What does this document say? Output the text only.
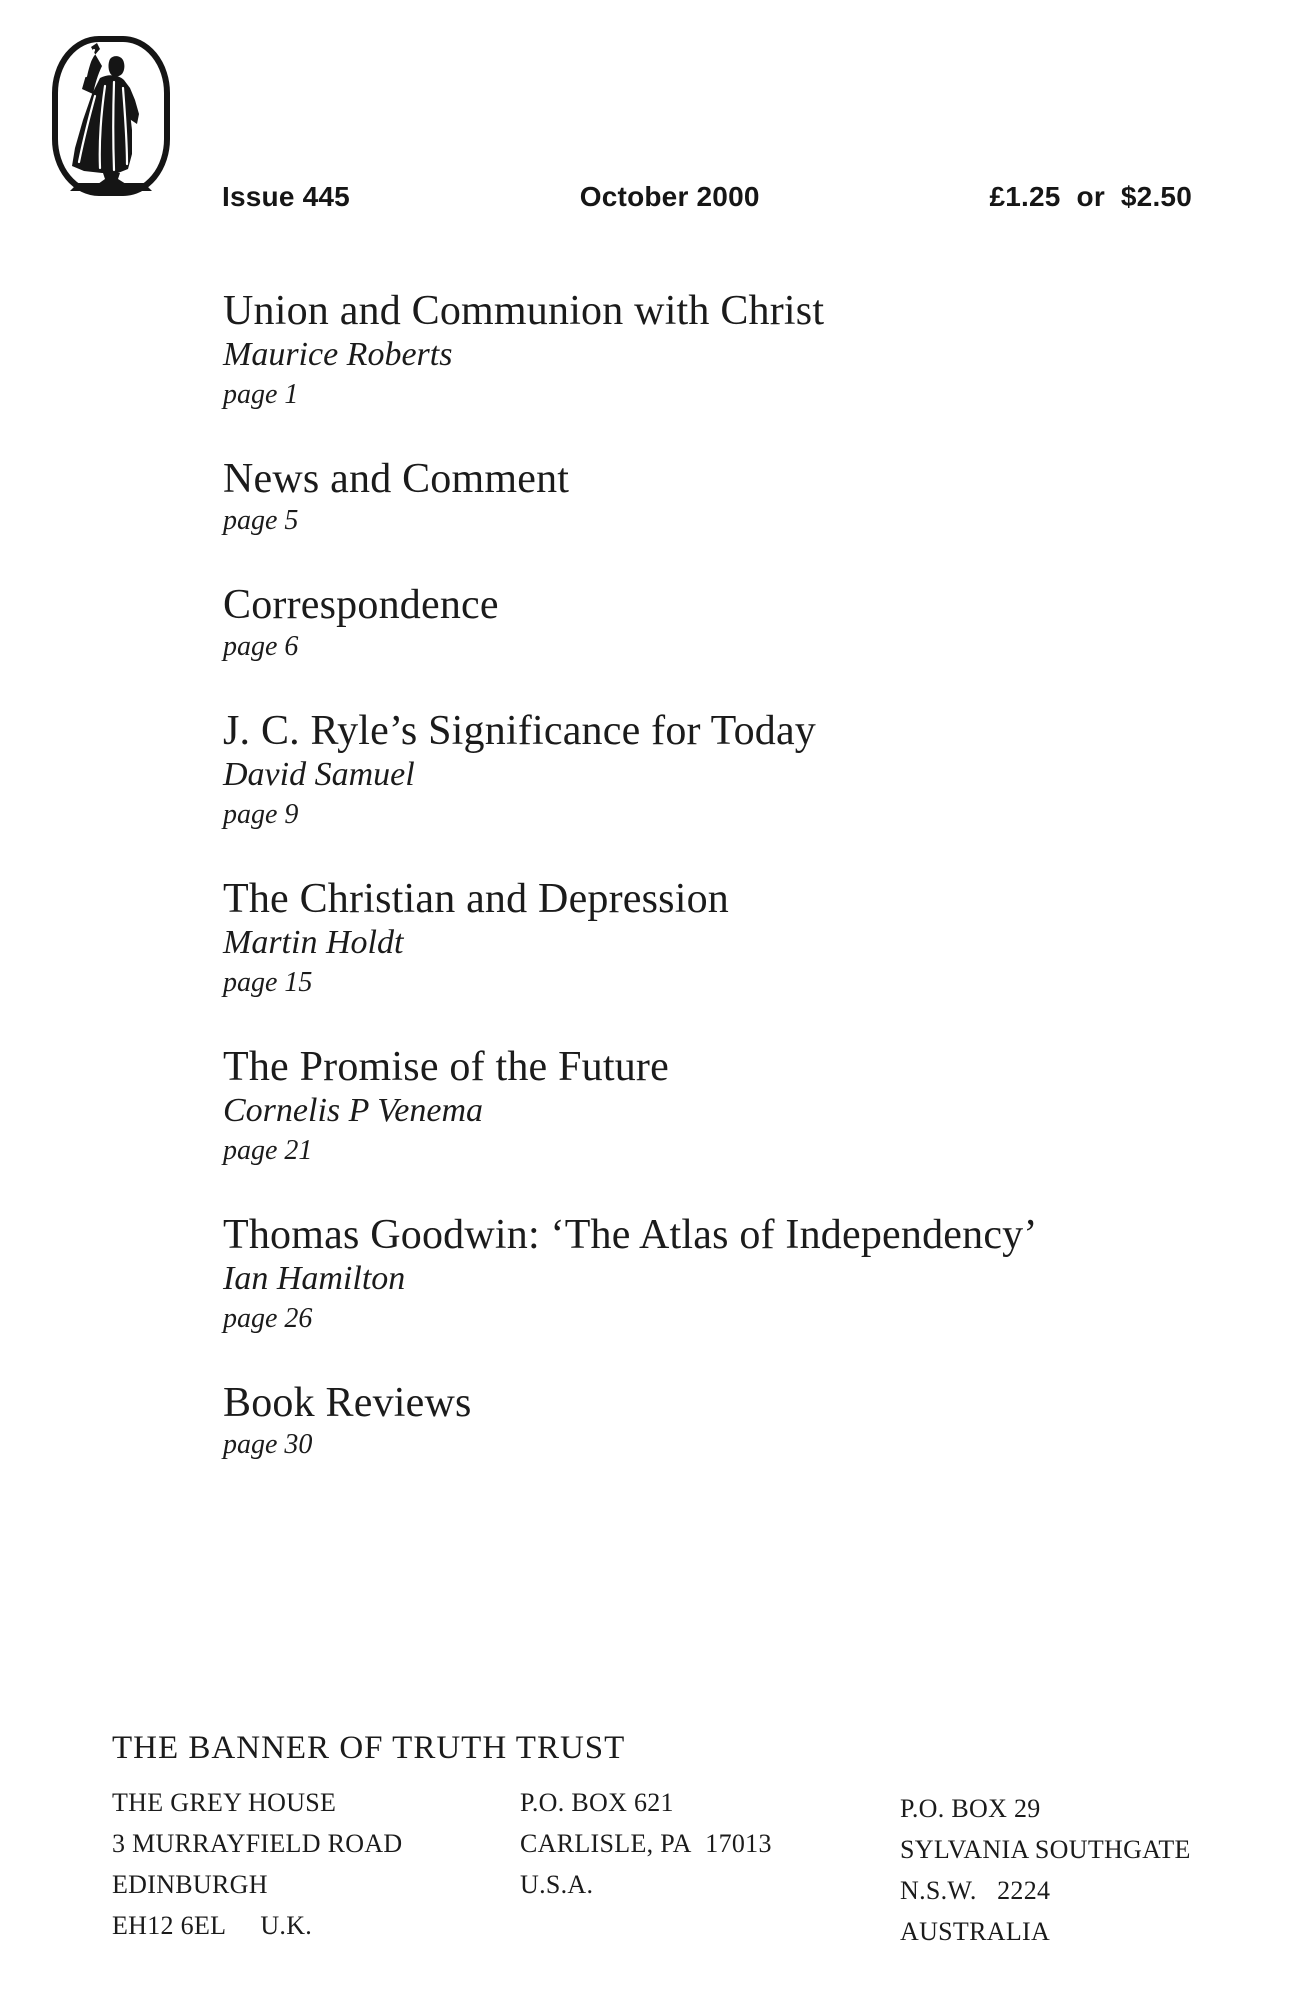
Issue 445	October 2000	£1.25  or  $2.50
Union and Communion with Christ
Maurice Roberts
page 1
News and Comment
page 5
Correspondence
page 6
J. C. Ryle’s Significance for Today
David Samuel
page 9
The Christian and Depression
Martin Holdt
page 15
The Promise of the Future
Cornelis P Venema
page 21
Thomas Goodwin: ‘The Atlas of Independency’
Ian Hamilton
page 26
Book Reviews
page 30
THE BANNER OF TRUTH TRUST
THE GREY HOUSE
3 MURRAYFIELD ROAD
EDINBURGH
EH12 6EL     U.K.
P.O. BOX 621
CARLISLE, PA  17013
U.S.A.
P.O. BOX 29
SYLVANIA SOUTHGATE
N.S.W.   2224
AUSTRALIA
